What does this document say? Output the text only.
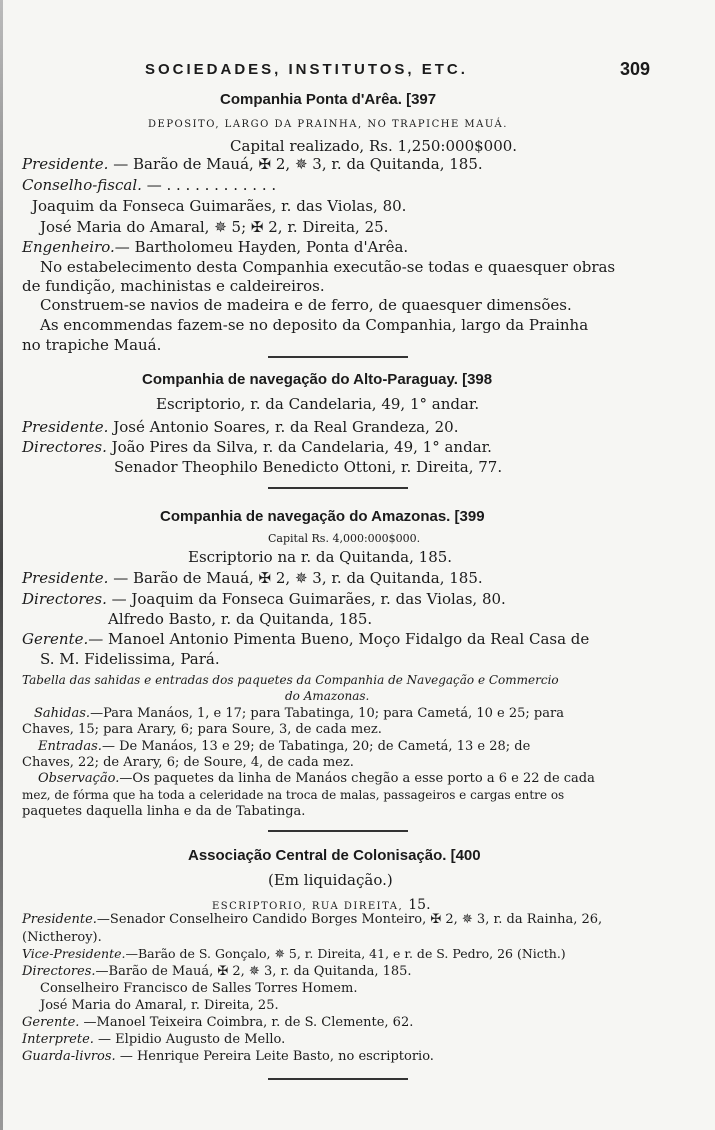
SOCIEDADES, INSTITUTOS, ETC.	309
Companhia Ponta d'Arêa. [397
DEPOSITO, LARGO DA PRAINHA, NO TRAPICHE MAUÁ.
Capital realizado, Rs. 1,250:000$000.
Presidente. — Barão de Mauá, ✠ 2, ✵ 3, r. da Quitanda, 185.
Conselho-fiscal. — . . . . . . . . . . . .
Joaquim da Fonseca Guimarães, r. das Violas, 80.
José Maria do Amaral, ✵ 5; ✠ 2, r. Direita, 25.
Engenheiro.— Bartholomeu Hayden, Ponta d'Arêa.
No estabelecimento desta Companhia executão-se todas e quaesquer obras
de fundição, machinistas e caldeireiros.
Construem-se navios de madeira e de ferro, de quaesquer dimensões.
As encommendas fazem-se no deposito da Companhia, largo da Prainha
no trapiche Mauá.
Companhia de navegação do Alto-Paraguay. [398
Escriptorio, r. da Candelaria, 49, 1° andar.
Presidente. José Antonio Soares, r. da Real Grandeza, 20.
Directores. João Pires da Silva, r. da Candelaria, 49, 1° andar.
Senador Theophilo Benedicto Ottoni, r. Direita, 77.
Companhia de navegação do Amazonas. [399
Capital Rs. 4,000:000$000.
Escriptorio na r. da Quitanda, 185.
Presidente. — Barão de Mauá, ✠ 2, ✵ 3, r. da Quitanda, 185.
Directores. — Joaquim da Fonseca Guimarães, r. das Violas, 80.
Alfredo Basto, r. da Quitanda, 185.
Gerente.— Manoel Antonio Pimenta Bueno, Moço Fidalgo da Real Casa de
S. M. Fidelissima, Pará.
Tabella das sahidas e entradas dos paquetes da Companhia de Navegação e Commercio
do Amazonas.
Sahidas.—Para Manáos, 1, e 17; para Tabatinga, 10; para Cametá, 10 e 25; para
Chaves, 15; para Arary, 6; para Soure, 3, de cada mez.
Entradas.— De Manáos, 13 e 29; de Tabatinga, 20; de Cametá, 13 e 28; de
Chaves, 22; de Arary, 6; de Soure, 4, de cada mez.
Observação.—Os paquetes da linha de Manáos chegão a esse porto a 6 e 22 de cada
mez, de fórma que ha toda a celeridade na troca de malas, passageiros e cargas entre os
paquetes daquella linha e da de Tabatinga.
Associação Central de Colonisação. [400
(Em liquidação.)
ESCRIPTORIO, RUA DIREITA, 15.
Presidente.—Senador Conselheiro Candido Borges Monteiro, ✠ 2, ✵ 3, r. da Rainha, 26,
(Nictheroy).
Vice-Presidente.—Barão de S. Gonçalo, ✵ 5, r. Direita, 41, e r. de S. Pedro, 26 (Nicth.)
Directores.—Barão de Mauá, ✠ 2, ✵ 3, r. da Quitanda, 185.
Conselheiro Francisco de Salles Torres Homem.
José Maria do Amaral, r. Direita, 25.
Gerente. —Manoel Teixeira Coimbra, r. de S. Clemente, 62.
Interprete. — Elpidio Augusto de Mello.
Guarda-livros. — Henrique Pereira Leite Basto, no escriptorio.
